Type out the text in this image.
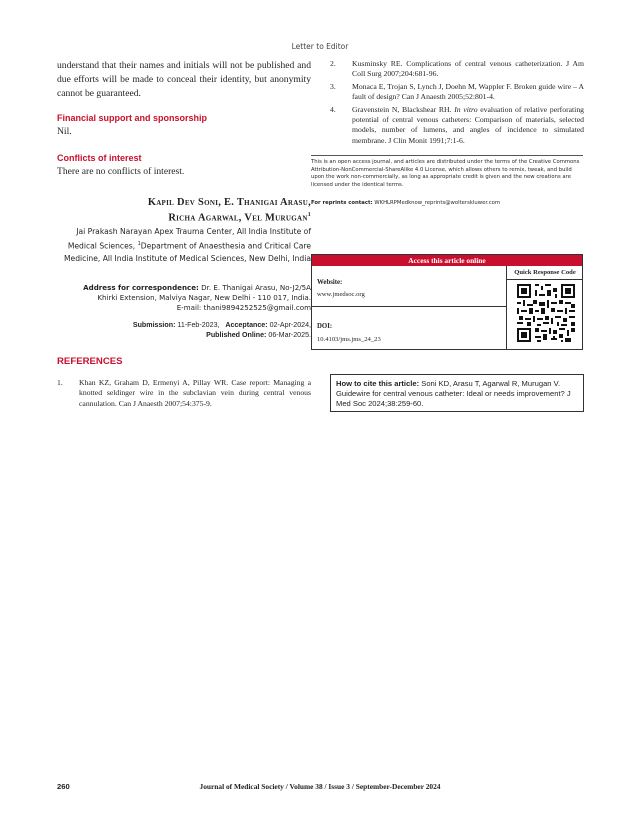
Letter to Editor
understand that their names and initials will not be published and due efforts will be made to conceal their identity, but anonymity cannot be guaranteed.
Financial support and sponsorship
Nil.
Conflicts of interest
There are no conflicts of interest.
Kapil Dev Soni, E. Thanigai Arasu,
Richa Agarwal, Vel Murugan$^1$
Jai Prakash Narayan Apex Trauma Center, All India Institute of Medical Sciences, $^1$Department of Anaesthesia and Critical Care Medicine, All India Institute of Medical Sciences, New Delhi, India
Address for correspondence: Dr. E. Thanigai Arasu, No-J2/5A
Khirki Extension, Malviya Nagar, New Delhi - 110 017, India.
E-mail: thani9894252525@gmail.com
Submission: 11-Feb-2023, Acceptance: 02-Apr-2024,
Published Online: 06-Mar-2025.
REFERENCES
1.	Khan KZ, Graham D, Ermenyi A, Pillay WR. Case report: Managing a knotted seldinger wire in the subclavian vein during central venous cannulation. Can J Anaesth 2007;54:375-9.
2.	Kusminsky RE. Complications of central venous catheterization. J Am Coll Surg 2007;204:681-96.
3.	Monaca E, Trojan S, Lynch J, Doehn M, Wappler F. Broken guide wire – A fault of design? Can J Anaesth 2005;52:801-4.
4.	Gravenstein N, Blackshear RH. In vitro evaluation of relative perforating potential of central venous catheters: Comparison of materials, selected models, number of lumens, and angles of incidence to simulated membrane. J Clin Monit 1991;7:1-6.
This is an open access journal, and articles are distributed under the terms of the Creative Commons Attribution-NonCommercial-ShareAlike 4.0 License, which allows others to remix, tweak, and build upon the work non-commercially, as long as appropriate credit is given and the new creations are licensed under the identical terms.
For reprints contact: WKHLRPMedknow_reprints@wolterskluwer.com
Access this article online
Website:
www.jmedsoc.org
DOI:
10.4103/jms.jms_24_23
Quick Response Code
How to cite this article: Soni KD, Arasu T, Agarwal R, Murugan V. Guidewire for central venous catheter: Ideal or needs improvement? J Med Soc 2024;38:259-60.
Journal of Medical Society / Volume 38 / Issue 3 / September-December 2024
260
